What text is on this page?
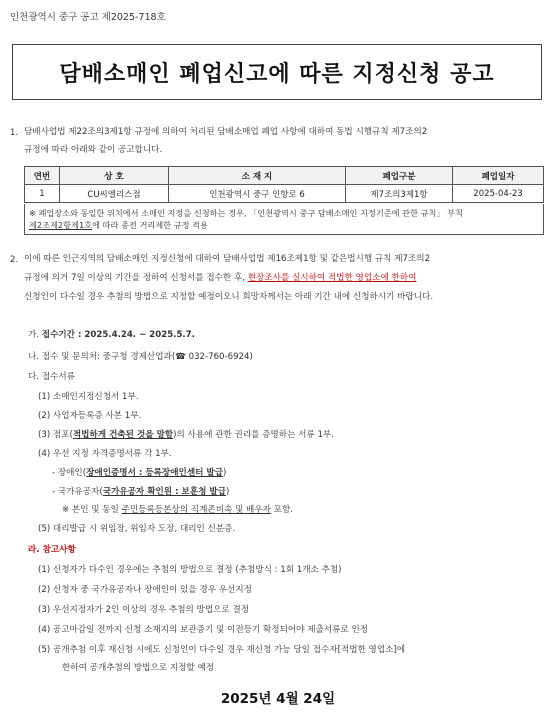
인천광역시 중구 공고 제2025-718호
담배소매인 폐업신고에 따른 지정신청 공고
1. 담배사업법 제22조의3제1항 규정에 의하여 처리된 담배소매업 폐업 사항에 대하여 동법 시행규칙 제7조의2
규정에 따라 아래와 같이 공고합니다.
연번	상 호	소 재 지	폐업구분	폐업일자
1	CU씨엘리스점	인천광역시 중구 인항로 6	제7조의3제1항	2025-04-23
※ 폐업장소와 동일한 위치에서 소매인 지정을 신청하는 경우, 「인천광역시 중구 담배소매인 지정기준에 관한 규칙」 부칙
제2조제2항제1호에 따라 종전 거리제한 규정 적용
2. 이에 따른 인근지역의 담배소매인 지정신청에 대하여 담배사업법 제16조제1항 및 같은법시행 규칙 제7조의2
규정에 의거 7일 이상의 기간을 정하여 신청서를 접수한 후, 현장조사를 실시하여 적법한 영업소에 한하여
신청인이 다수일 경우 추첨의 방법으로 지정할 예정이오니 희망자께서는 아래 기간 내에 신청하시기 바랍니다.
가. 접수기간 : 2025.4.24. ~ 2025.5.7.
나. 접수 및 문의처: 중구청 경제산업과(☎ 032-760-6924)
다. 접수서류
(1) 소매인지정신청서 1부.
(2) 사업자등록증 사본 1부.
(3) 점포(적법하게 건축된 것을 말함)의 사용에 관한 권리를 증명하는 서류 1부.
(4) 우선 지정 자격증명서류 각 1부.
- 장애인(장애인증명서 : 등록장애인센터 발급)
- 국가유공자(국가유공자 확인원 : 보훈청 발급)
※ 본인 및 동일 주민등록등본상의 직계존비속 및 배우자 포함.
(5) 대리발급 시 위임장, 위임자 도장, 대리인 신분증.
라. 참고사항
(1) 신청자가 다수인 경우에는 추첨의 방법으로 결정 (추첨방식 : 1회 1개소 추첨)
(2) 신청자 중 국가유공자나 장애인이 있을 경우 우선지정
(3) 우선지정자가 2인 이상의 경우 추첨의 방법으로 결정
(4) 공고마감일 전까지 신청 소재지의 보관증기 및 이전등기 확정되어야 제출서류로 인정
(5) 공개추첨 이후 재신청 시에도 신청인이 다수일 경우 재신청 가능 당일 접수자[적법한 영업소]에
한하여 공개추첨의 방법으로 지정할 예정
2025년 4월 24일
